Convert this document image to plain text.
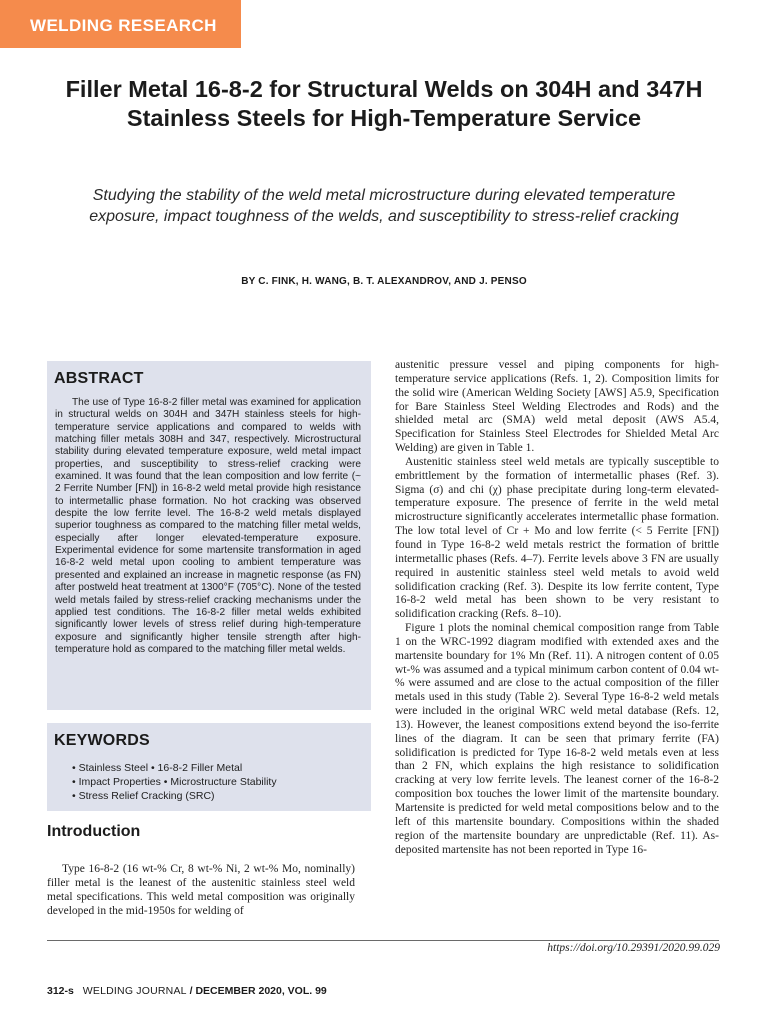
WELDING RESEARCH
Filler Metal 16-8-2 for Structural Welds on 304H and 347H Stainless Steels for High-Temperature Service

Studying the stability of the weld metal microstructure during elevated temperature exposure, impact toughness of the welds, and susceptibility to stress-relief cracking

BY C. FINK, H. WANG, B. T. ALEXANDROV, AND J. PENSO

ABSTRACT

The use of Type 16-8-2 filler metal was examined for application in structural welds on 304H and 347H stainless steels for high-temperature service applications and compared to welds with matching filler metals 308H and 347, respectively. Microstructural stability during elevated temperature exposure, weld metal impact properties, and susceptibility to stress-relief cracking were examined. It was found that the lean composition and low ferrite (~ 2 Ferrite Number [FN]) in 16-8-2 weld metal provide high resistance to intermetallic phase formation. No hot cracking was observed despite the low ferrite level. The 16-8-2 weld metals displayed superior toughness as compared to the matching filler metal welds, especially after longer elevated-temperature exposure. Experimental evidence for some martensite transformation in aged 16-8-2 weld metal upon cooling to ambient temperature was presented and explained an increase in magnetic response (as FN) after postweld heat treatment at 1300°F (705°C). None of the tested weld metals failed by stress-relief cracking mechanisms under the applied test conditions. The 16-8-2 filler metal welds exhibited significantly lower levels of stress relief during high-temperature exposure and significantly higher tensile strength after high-temperature hold as compared to the matching filler metal welds.

KEYWORDS
• Stainless Steel • 16-8-2 Filler Metal
• Impact Properties • Microstructure Stability
• Stress Relief Cracking (SRC)
Introduction

Type 16-8-2 (16 wt-% Cr, 8 wt-% Ni, 2 wt-% Mo, nominally) filler metal is the leanest of the austenitic stainless steel weld metal specifications. This weld metal composition was originally developed in the mid-1950s for welding of

austenitic pressure vessel and piping components for high-temperature service applications (Refs. 1, 2). Composition limits for the solid wire (American Welding Society [AWS] A5.9, Specification for Bare Stainless Steel Welding Electrodes and Rods) and the shielded metal arc (SMA) weld metal deposit (AWS A5.4, Specification for Stainless Steel Electrodes for Shielded Metal Arc Welding) are given in Table 1.

Austenitic stainless steel weld metals are typically susceptible to embrittlement by the formation of intermetallic phases (Ref. 3). Sigma (σ) and chi (χ) phase precipitate during long-term elevated-temperature exposure. The presence of ferrite in the weld metal microstructure significantly accelerates intermetallic phase formation. The low total level of Cr + Mo and low ferrite (< 5 Ferrite [FN]) found in Type 16-8-2 weld metals restrict the formation of brittle intermetallic phases (Refs. 4–7). Ferrite levels above 3 FN are usually required in austenitic stainless steel weld metals to avoid weld solidification cracking (Ref. 3). Despite its low ferrite content, Type 16-8-2 weld metal has been shown to be very resistant to solidification cracking (Refs. 8–10).

Figure 1 plots the nominal chemical composition range from Table 1 on the WRC-1992 diagram modified with extended axes and the martensite boundary for 1% Mn (Ref. 11). A nitrogen content of 0.05 wt-% was assumed and a typical minimum carbon content of 0.04 wt-% were assumed and are close to the actual composition of the filler metals used in this study (Table 2). Several Type 16-8-2 weld metals were included in the original WRC weld metal database (Refs. 12, 13). However, the leanest compositions extend beyond the iso-ferrite lines of the diagram. It can be seen that primary ferrite (FA) solidification is predicted for Type 16-8-2 weld metals even at less than 2 FN, which explains the high resistance to solidification cracking at very low ferrite levels. The leanest corner of the 16-8-2 composition box touches the lower limit of the martensite boundary. Martensite is predicted for weld metal compositions below and to the left of this martensite boundary. Compositions within the shaded region of the martensite boundary are unpredictable (Ref. 11). As-deposited martensite has not been reported in Type 16-

https://doi.org/10.29391/2020.99.029
312-s WELDING JOURNAL / DECEMBER 2020, VOL. 99
